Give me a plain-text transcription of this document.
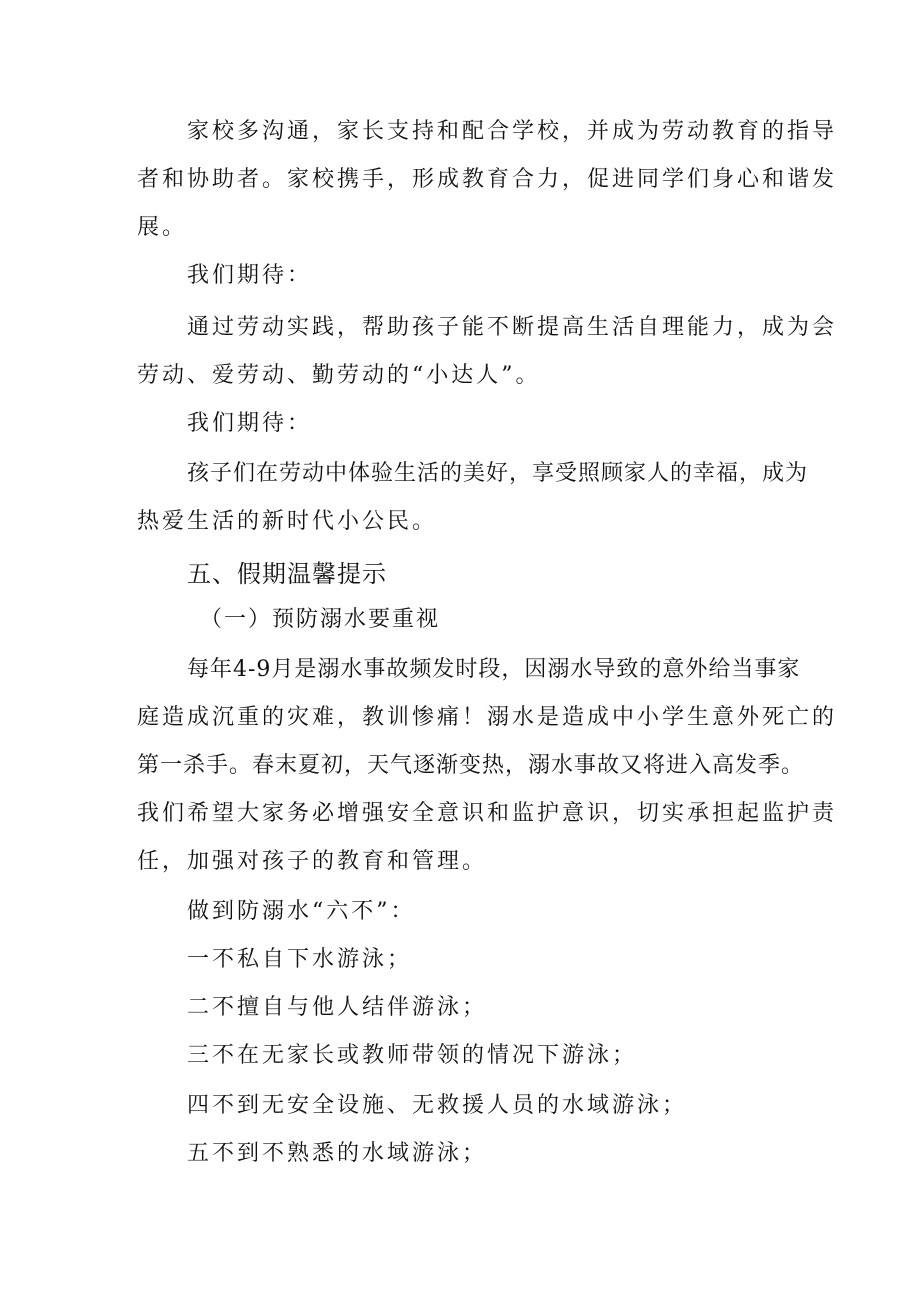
家校多沟通，家长支持和配合学校，并成为劳动教育的指导
者和协助者。家校携手，形成教育合力，促进同学们身心和谐发
展。
我们期待：
通过劳动实践，帮助孩子能不断提高生活自理能力，成为会
劳动、爱劳动、勤劳动的“小达人”。
我们期待：
孩子们在劳动中体验生活的美好，享受照顾家人的幸福，成为
热爱生活的新时代小公民。
五、假期温馨提示
（一）预防溺水要重视
每年4-9月是溺水事故频发时段，因溺水导致的意外给当事家
庭造成沉重的灾难，教训惨痛！溺水是造成中小学生意外死亡的
第一杀手。春末夏初，天气逐渐变热，溺水事故又将进入高发季。
我们希望大家务必增强安全意识和监护意识，切实承担起监护责
任，加强对孩子的教育和管理。
做到防溺水“六不”：
一不私自下水游泳；
二不擅自与他人结伴游泳；
三不在无家长或教师带领的情况下游泳；
四不到无安全设施、无救援人员的水域游泳；
五不到不熟悉的水域游泳；
